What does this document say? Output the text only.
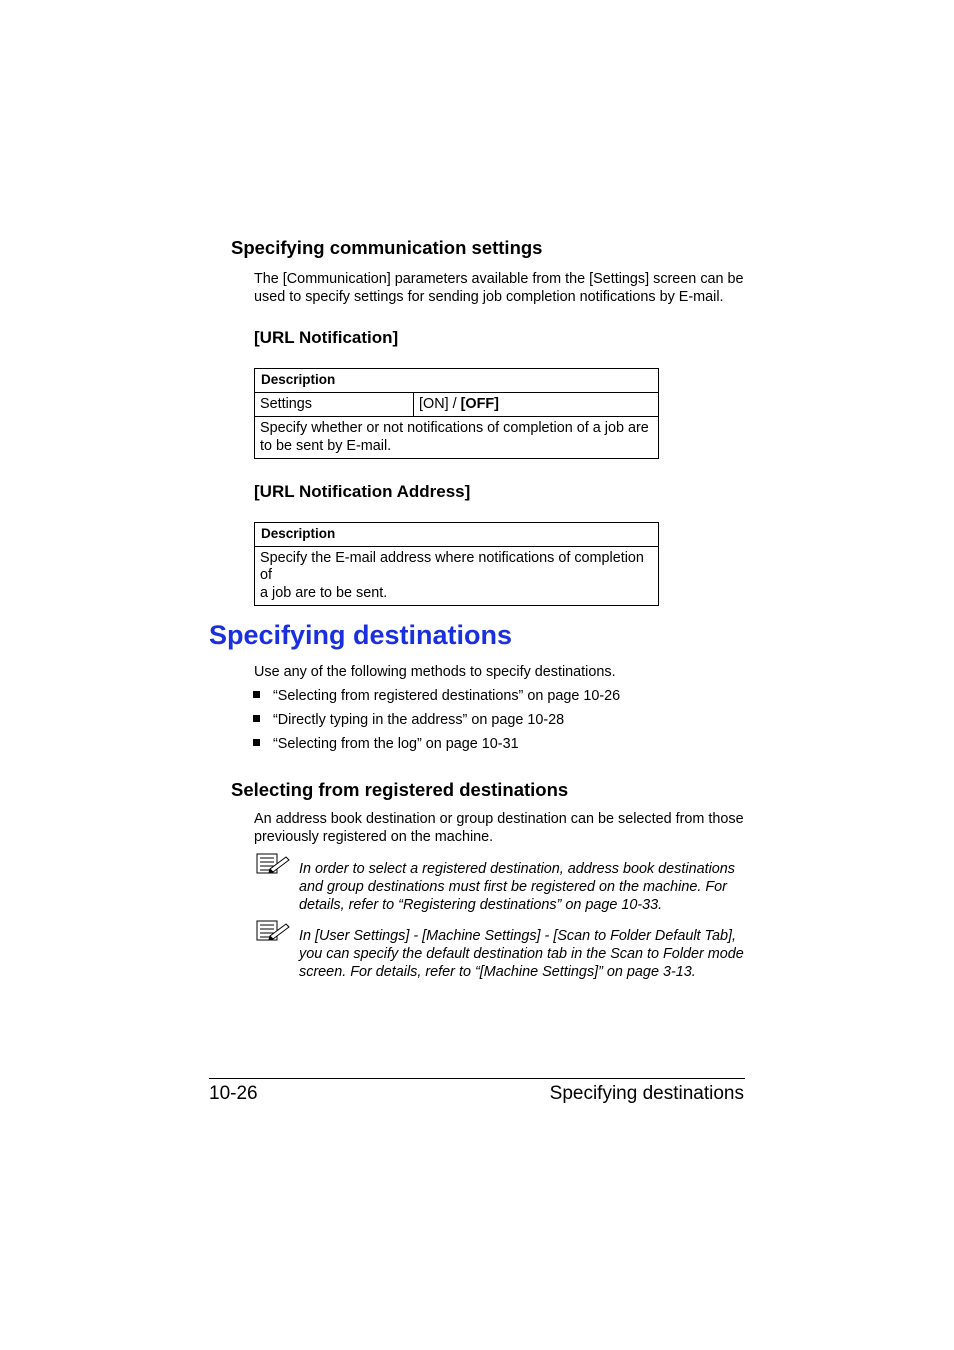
Specifying communication settings
The [Communication] parameters available from the [Settings] screen can be
used to specify settings for sending job completion notifications by E-mail.
[URL Notification]
Description
Settings	[ON] / [OFF]

Specify whether or not notifications of completion of a job are
to be sent by E-mail.
[URL Notification Address]
Description

Specify the E-mail address where notifications of completion of
a job are to be sent.
Specifying destinations
Use any of the following methods to specify destinations.
“Selecting from registered destinations” on page 10-26
“Directly typing in the address” on page 10-28
“Selecting from the log” on page 10-31
Selecting from registered destinations
An address book destination or group destination can be selected from those
previously registered on the machine.
In order to select a registered destination, address book destinations
and group destinations must first be registered on the machine. For
details, refer to “Registering destinations” on page 10-33.
In [User Settings] - [Machine Settings] - [Scan to Folder Default Tab],
you can specify the default destination tab in the Scan to Folder mode
screen. For details, refer to “[Machine Settings]” on page 3-13.
10-26	Specifying destinations
